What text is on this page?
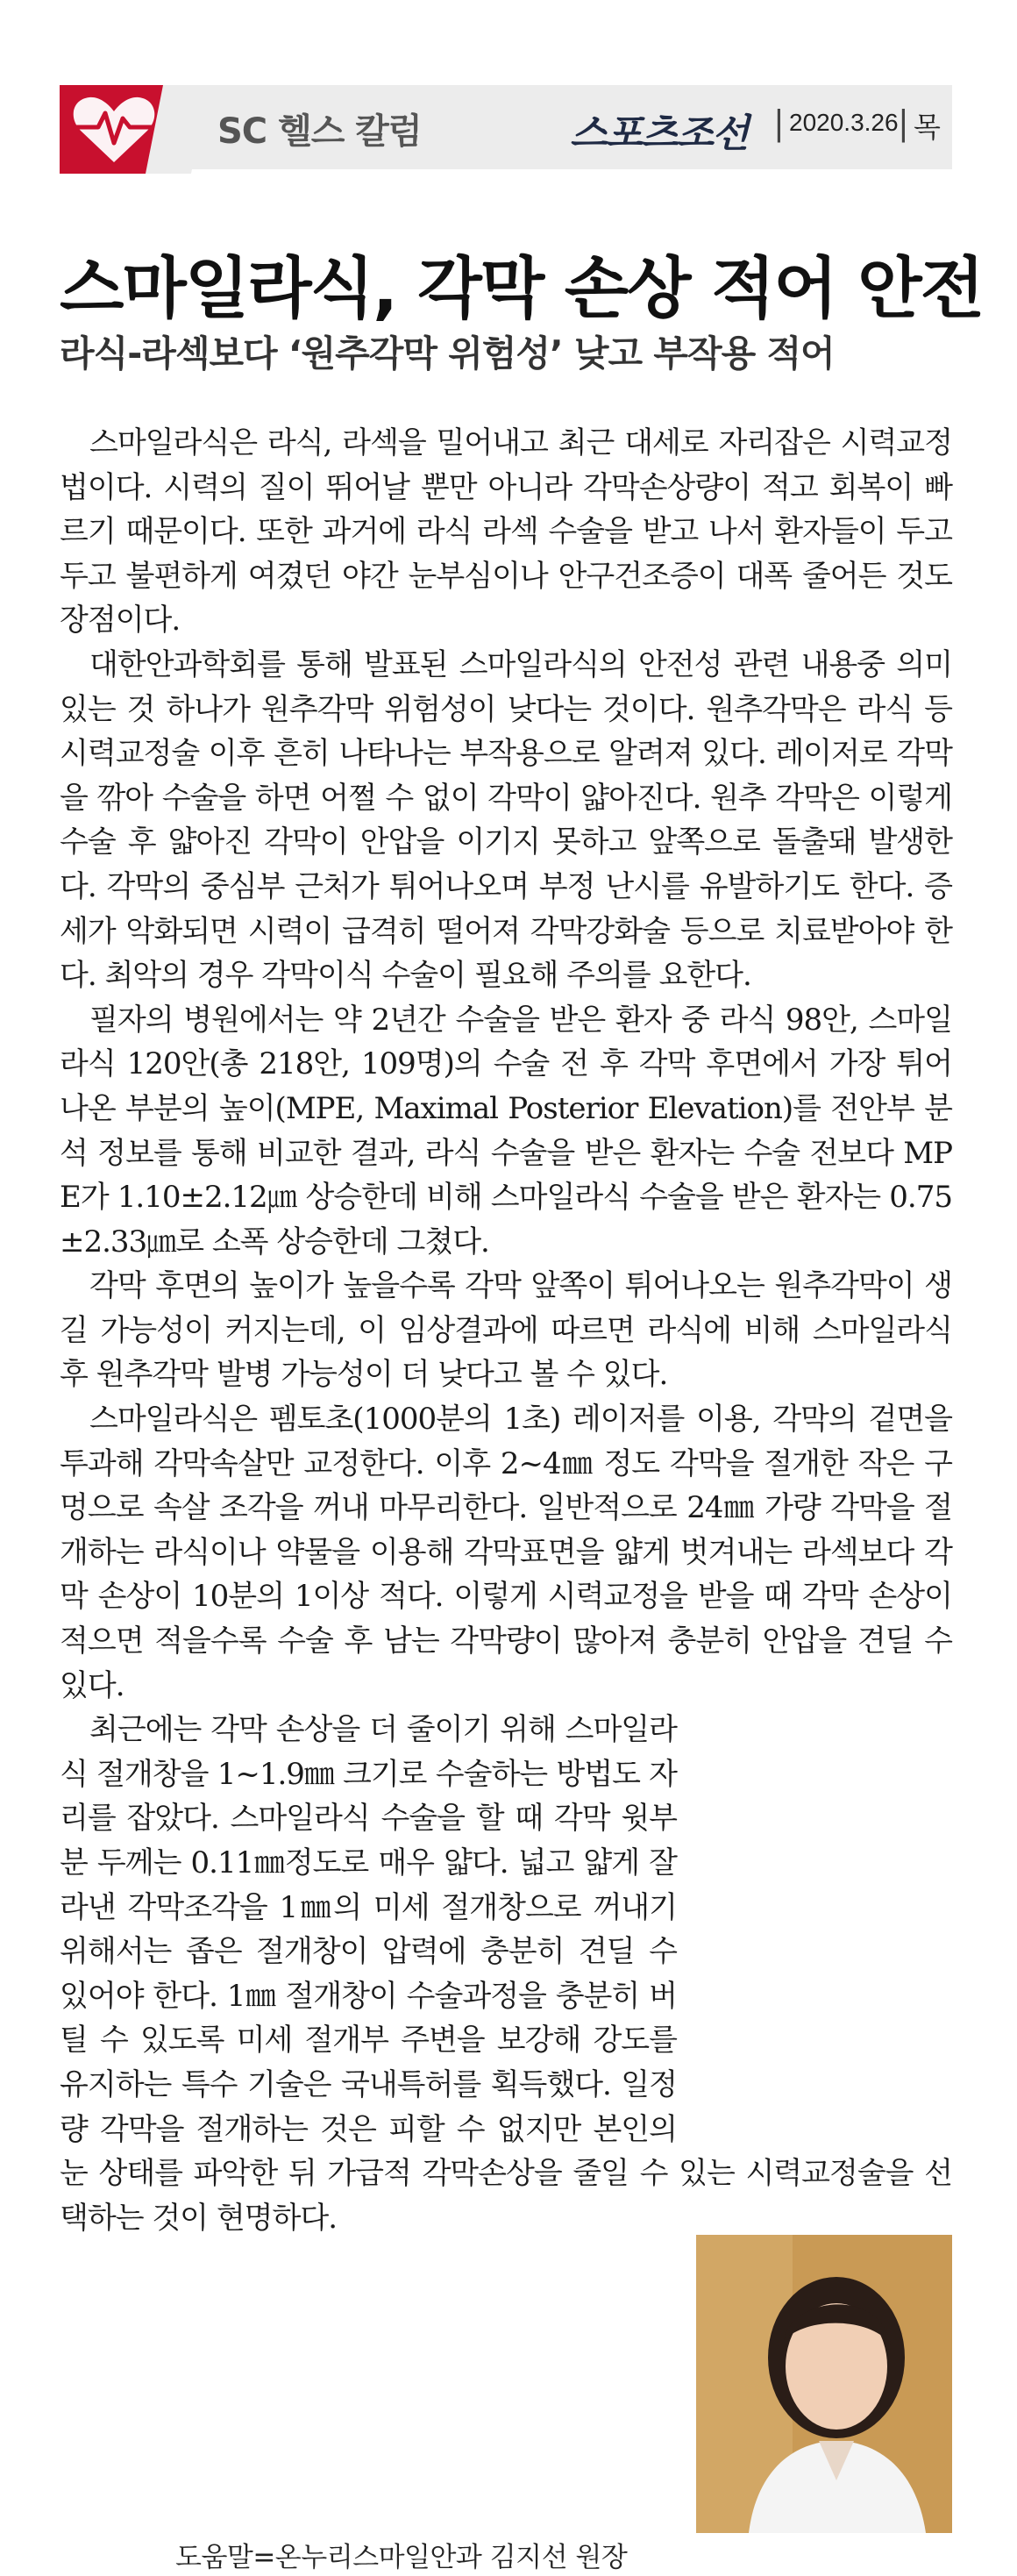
SC 헬스 칼럼	스포츠조선 | 2020.3.26 | 목
스마일라식, 각막 손상 적어 안전
라식-라섹보다 ‘원추각막 위험성’ 낮고 부작용 적어

스마일라식은 라식, 라섹을 밀어내고 최근 대세로 자리잡은 시력교정법이다. 시력의 질이 뛰어날 뿐만 아니라 각막손상량이 적고 회복이 빠르기 때문이다. 또한 과거에 라식 라섹 수술을 받고 나서 환자들이 두고두고 불편하게 여겼던 야간 눈부심이나 안구건조증이 대폭 줄어든 것도 장점이다.

대한안과학회를 통해 발표된 스마일라식의 안전성 관련 내용중 의미 있는 것 하나가 원추각막 위험성이 낮다는 것이다. 원추각막은 라식 등 시력교정술 이후 흔히 나타나는 부작용으로 알려져 있다. 레이저로 각막을 깎아 수술을 하면 어쩔 수 없이 각막이 얇아진다. 원추 각막은 이렇게 수술 후 얇아진 각막이 안압을 이기지 못하고 앞쪽으로 돌출돼 발생한다. 각막의 중심부 근처가 튀어나오며 부정 난시를 유발하기도 한다. 증세가 악화되면 시력이 급격히 떨어져 각막강화술 등으로 치료받아야 한다. 최악의 경우 각막이식 수술이 필요해 주의를 요한다.

필자의 병원에서는 약 2년간 수술을 받은 환자 중 라식 98안, 스마일라식 120안(총 218안, 109명)의 수술 전 후 각막 후면에서 가장 튀어나온 부분의 높이(MPE, Maximal Posterior Elevation)를 전안부 분석 정보를 통해 비교한 결과, 라식 수술을 받은 환자는 수술 전보다 MPE가 1.10±2.12㎛ 상승한데 비해 스마일라식 수술을 받은 환자는 0.75±2.33㎛로 소폭 상승한데 그쳤다.

각막 후면의 높이가 높을수록 각막 앞쪽이 튀어나오는 원추각막이 생길 가능성이 커지는데, 이 임상결과에 따르면 라식에 비해 스마일라식 후 원추각막 발병 가능성이 더 낮다고 볼 수 있다.

스마일라식은 펨토초(1000분의 1초) 레이저를 이용, 각막의 겉면을 투과해 각막속살만 교정한다. 이후 2~4㎜ 정도 각막을 절개한 작은 구멍으로 속살 조각을 꺼내 마무리한다. 일반적으로 24㎜ 가량 각막을 절개하는 라식이나 약물을 이용해 각막표면을 얇게 벗겨내는 라섹보다 각막 손상이 10분의 1이상 적다. 이렇게 시력교정을 받을 때 각막 손상이 적으면 적을수록 수술 후 남는 각막량이 많아져 충분히 안압을 견딜 수 있다.

최근에는 각막 손상을 더 줄이기 위해 스마일라식 절개창을 1~1.9㎜ 크기로 수술하는 방법도 자리를 잡았다. 스마일라식 수술을 할 때 각막 윗부분 두께는 0.11㎜정도로 매우 얇다. 넓고 얇게 잘라낸 각막조각을 1㎜의 미세 절개창으로 꺼내기 위해서는 좁은 절개창이 압력에 충분히 견딜 수 있어야 한다. 1㎜ 절개창이 수술과정을 충분히 버틸 수 있도록 미세 절개부 주변을 보강해 강도를 유지하는 특수 기술은 국내특허를 획득했다. 일정량 각막을 절개하는 것은 피할 수 없지만 본인의 눈 상태를 파악한 뒤 가급적 각막손상을 줄일 수 있는 시력교정술을 선택하는 것이 현명하다.

도움말=온누리스마일안과 김지선 원장
